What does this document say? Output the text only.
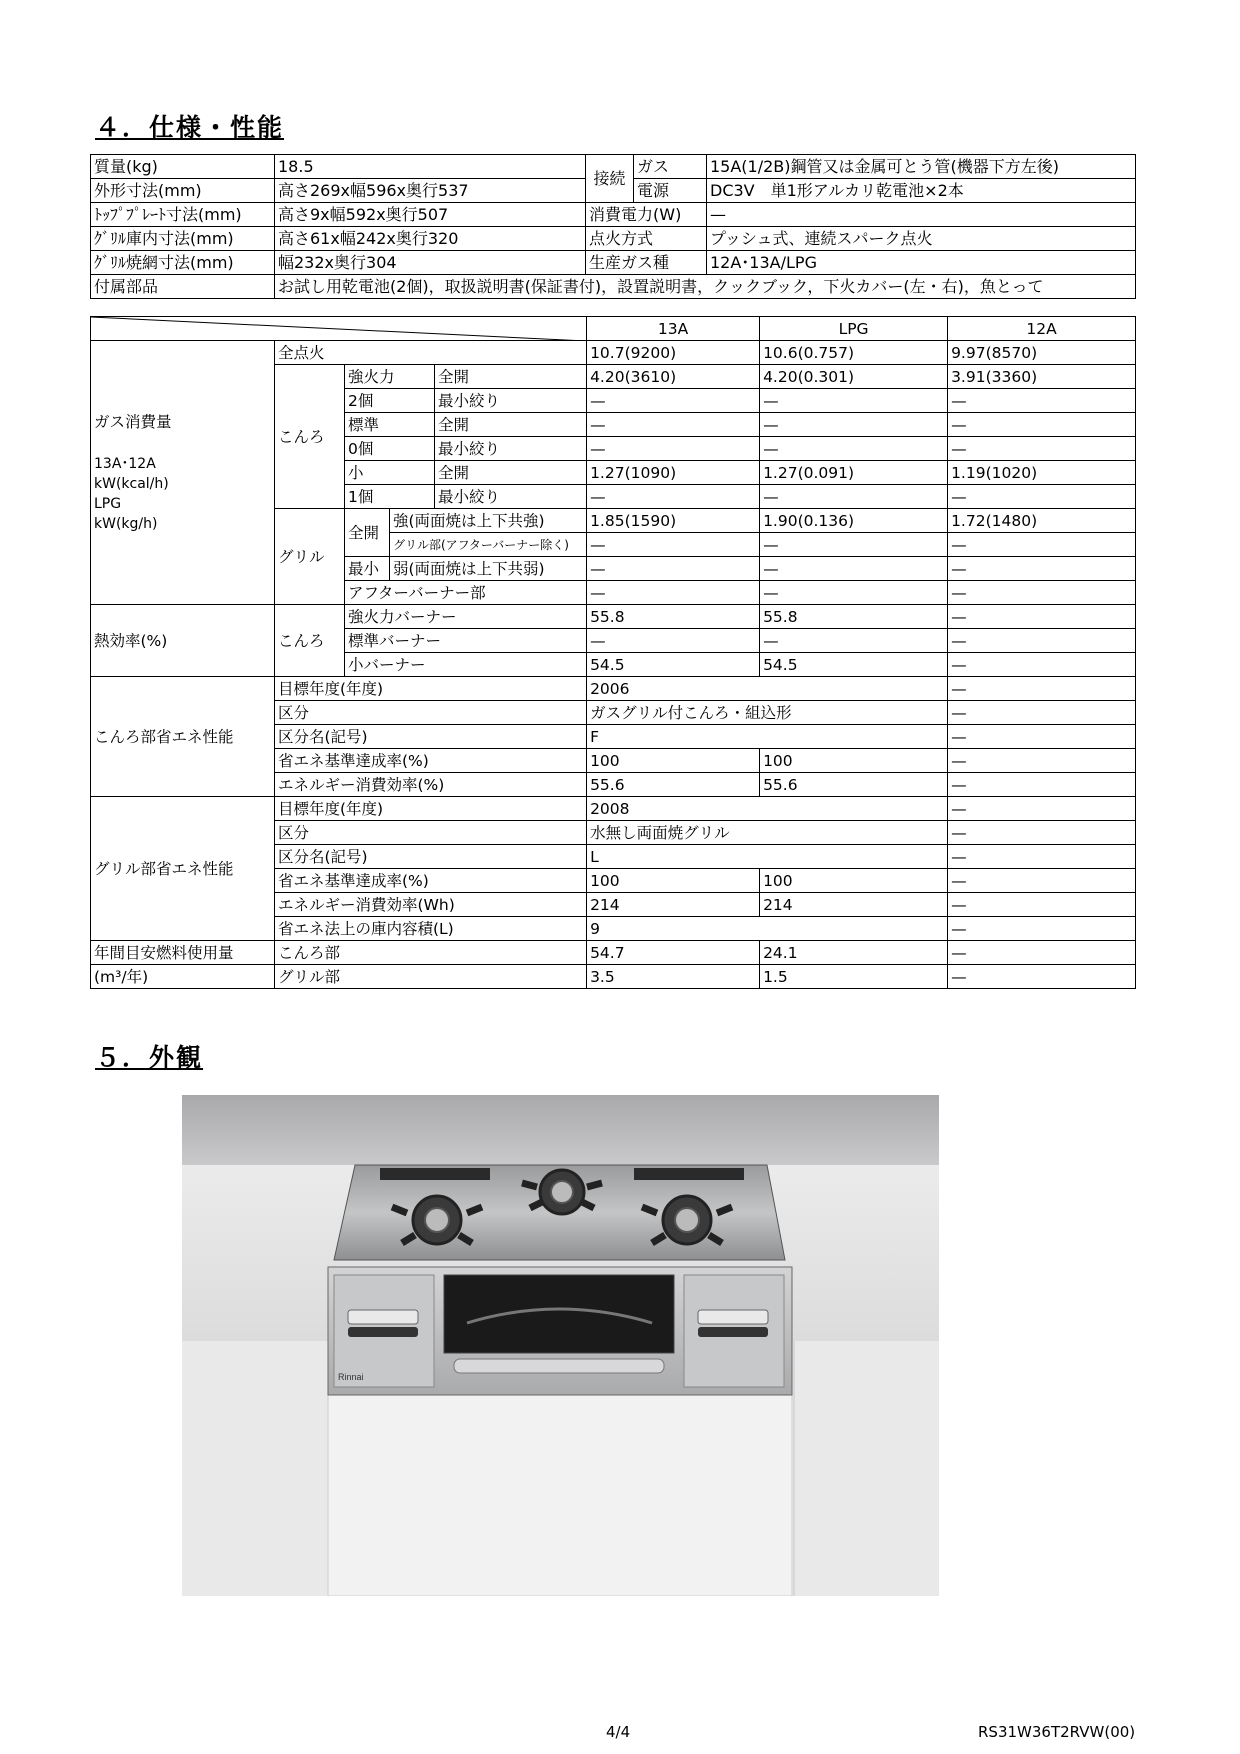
４．仕様・性能
質量(kg)	18.5	接続	ガス	15A(1/2B)鋼管又は金属可とう管(機器下方左後)
外形寸法(mm)	高さ269x幅596x奥行537		電源	DC3V　単1形アルカリ乾電池×2本
ﾄｯﾌﾟﾌﾟﾚｰﾄ寸法(mm)	高さ9x幅592x奥行507	消費電力(W)		—
ｸﾞﾘﾙ庫内寸法(mm)	高さ61x幅242x奥行320	点火方式		プッシュ式、連続スパーク点火
ｸﾞﾘﾙ焼網寸法(mm)	幅232x奥行304	生産ガス種		12A･13A/LPG
付属部品	お試し用乾電池(2個)，取扱説明書(保証書付)，設置説明書，クックブック，下火カバー(左・右)，魚とって			
	13A	LPG	12A

ガス消費量
13A･12A
kW(kcal/h)
LPG
kW(kg/h)	全点火				10.7(9200)	10.6(0.757)	9.97(8570)
	こんろ	強火力		全開	4.20(3610)	4.20(0.301)	3.91(3360)
		2個		最小絞り	—	—	—
		標準		全開	—	—	—
		0個		最小絞り	—	—	—
		小		全開	1.27(1090)	1.27(0.091)	1.19(1020)
		1個		最小絞り	—	—	—
	グリル	全開	強(両面焼は上下共強)		1.85(1590)	1.90(0.136)	1.72(1480)
			グリル部(アフターバーナー除く)		—	—	—
		最小	弱(両面焼は上下共弱)		—	—	—
		アフターバーナー部			—	—	—
熱効率(%)	こんろ	強火力バーナー			55.8	55.8	—
		標準バーナー			—	—	—
		小バーナー			54.5	54.5	—
こんろ部省エネ性能	目標年度(年度)				2006		—
	区分				ガスグリル付こんろ・組込形		—
	区分名(記号)				F		—
	省エネ基準達成率(%)				100	100	—
	エネルギー消費効率(%)				55.6	55.6	—
グリル部省エネ性能	目標年度(年度)				2008		—
	区分				水無し両面焼グリル		—
	区分名(記号)				L		—
	省エネ基準達成率(%)				100	100	—
	エネルギー消費効率(Wh)				214	214	—
	省エネ法上の庫内容積(L)				9		—
年間目安燃料使用量	こんろ部				54.7	24.1	—
(m³/年)	グリル部				3.5	1.5	—
５．外観
Rinnai
4/4	RS31W36T2RVW(00)
